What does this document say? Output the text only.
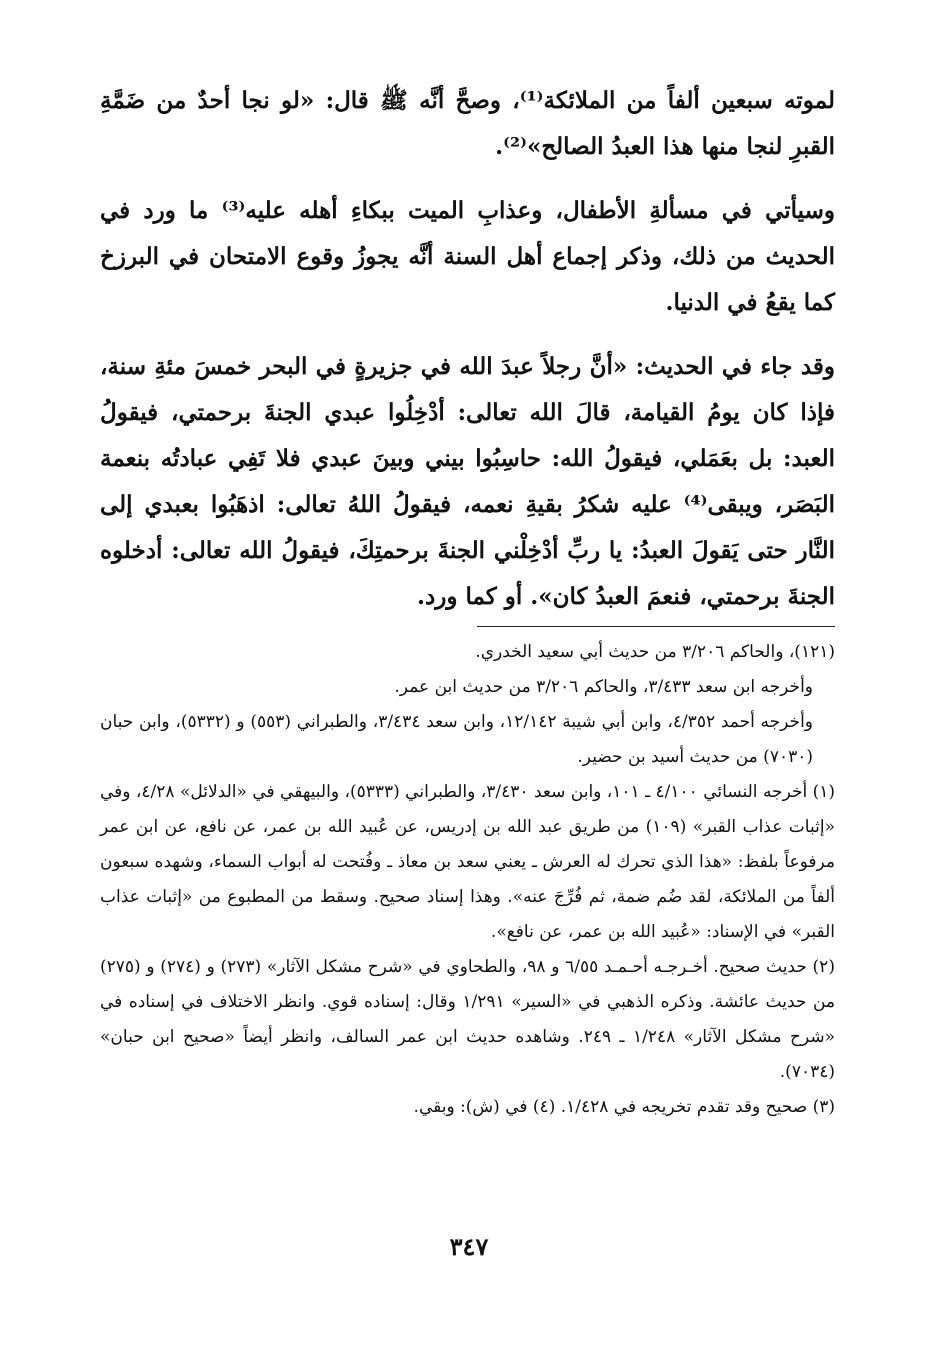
لموته سبعين ألفاً من الملائكة⁽¹⁾، وصحَّ أنَّه ﷺ قال: «لو نجا أحدٌ من ضَمَّةِ القبرِ لنجا منها هذا العبدُ الصالح»⁽²⁾.

وسيأتي في مسألةِ الأطفال، وعذابِ الميت ببكاءِ أهله عليه⁽³⁾ ما ورد في الحديث من ذلك، وذكر إجماع أهل السنة أنَّه يجوزُ وقوع الامتحان في البرزخ كما يقعُ في الدنيا.

وقد جاء في الحديث: «أنَّ رجلاً عبدَ الله في جزيرةٍ في البحر خمسَ مئةِ سنة، فإذا كان يومُ القيامة، قالَ الله تعالى: أدْخِلُوا عبدي الجنةَ برحمتي، فيقولُ العبد: بل بعَمَلي، فيقولُ الله: حاسِبُوا بيني وبينَ عبدي فلا تَفِي عبادتُه بنعمة البَصَر، ويبقى⁽⁴⁾ عليه شكرُ بقيةِ نعمه، فيقولُ اللهُ تعالى: اذهَبُوا بعبدي إلى النَّار حتى يَقولَ العبدُ: يا ربِّ أدْخِلْني الجنةَ برحمتِكَ، فيقولُ الله تعالى: أدخلوه الجنةَ برحمتي، فنعمَ العبدُ كان». أو كما ورد.

(١٢١)، والحاكم ٣/٢٠٦ من حديث أبي سعيد الخدري.

وأخرجه ابن سعد ٣/٤٣٣، والحاكم ٣/٢٠٦ من حديث ابن عمر.

وأخرجه أحمد ٤/٣٥٢، وابن أبي شيبة ١٢/١٤٢، وابن سعد ٣/٤٣٤، والطبراني (٥٥٣) و (٥٣٣٢)، وابن حبان (٧٠٣٠) من حديث أسيد بن حضير.

(١) أخرجه النسائي ٤/١٠٠ ـ ١٠١، وابن سعد ٣/٤٣٠، والطبراني (٥٣٣٣)، والبيهقي في «الدلائل» ٤/٢٨، وفي «إثبات عذاب القبر» (١٠٩) من طريق عبد الله بن إدريس، عن عُبيد الله بن عمر، عن نافع، عن ابن عمر مرفوعاً بلفظ: «هذا الذي تحرك له العرش ـ يعني سعد بن معاذ ـ وفُتحت له أبواب السماء، وشهده سبعون ألفاً من الملائكة، لقد ضُم ضمة، ثم فُرِّجَ عنه». وهذا إسناد صحيح. وسقط من المطبوع من «إثبات عذاب القبر» في الإسناد: «عُبيد الله بن عمر، عن نافع».

(٢) حديث صحيح. أخـرجـه أحـمـد ٦/٥٥ و ٩٨، والطحاوي في «شرح مشكل الآثار» (٢٧٣) و (٢٧٤) و (٢٧٥) من حديث عائشة. وذكره الذهبي في «السير» ١/٢٩١ وقال: إسناده قوي. وانظر الاختلاف في إسناده في «شرح مشكل الآثار» ١/٢٤٨ ـ ٢٤٩. وشاهده حديث ابن عمر السالف، وانظر أيضاً «صحيح ابن حبان» (٧٠٣٤).

(٣) صحيح وقد تقدم تخريجه في ١/٤٢٨. (٤) في (ش): وبقي.

٣٤٧
